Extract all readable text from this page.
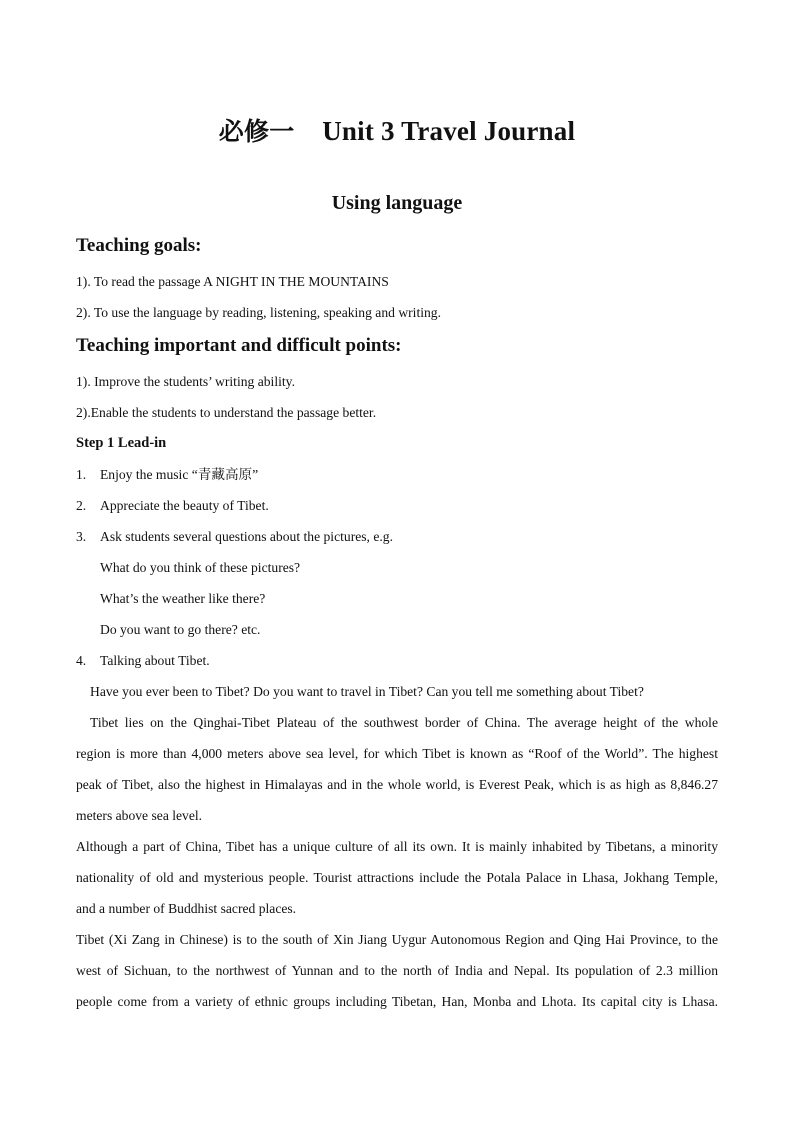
必修一 Unit 3 Travel Journal
Using language
Teaching goals:
1). To read the passage A NIGHT IN THE MOUNTAINS
2). To use the language by reading, listening, speaking and writing.
Teaching important and difficult points:
1). Improve the students’ writing ability.
2).Enable the students to understand the passage better.
Step 1 Lead-in
1. Enjoy the music “青藏高原”
2. Appreciate the beauty of Tibet.
3. Ask students several questions about the pictures, e.g.
What do you think of these pictures?
What’s the weather like there?
Do you want to go there? etc.
4. Talking about Tibet.
Have you ever been to Tibet? Do you want to travel in Tibet? Can you tell me something about Tibet?
Tibet lies on the Qinghai-Tibet Plateau of the southwest border of China. The average height of the whole
region is more than 4,000 meters above sea level, for which Tibet is known as “Roof of the World”. The highest
peak of Tibet, also the highest in Himalayas and in the whole world, is Everest Peak, which is as high as 8,846.27
meters above sea level.
Although a part of China, Tibet has a unique culture of all its own. It is mainly inhabited by Tibetans, a minority
nationality of old and mysterious people. Tourist attractions include the Potala Palace in Lhasa, Jokhang Temple,
and a number of Buddhist sacred places.
Tibet (Xi Zang in Chinese) is to the south of Xin Jiang Uygur Autonomous Region and Qing Hai Province, to the
west of Sichuan, to the northwest of Yunnan and to the north of India and Nepal. Its population of 2.3 million
people come from a variety of ethnic groups including Tibetan, Han, Monba and Lhota. Its capital city is Lhasa.
